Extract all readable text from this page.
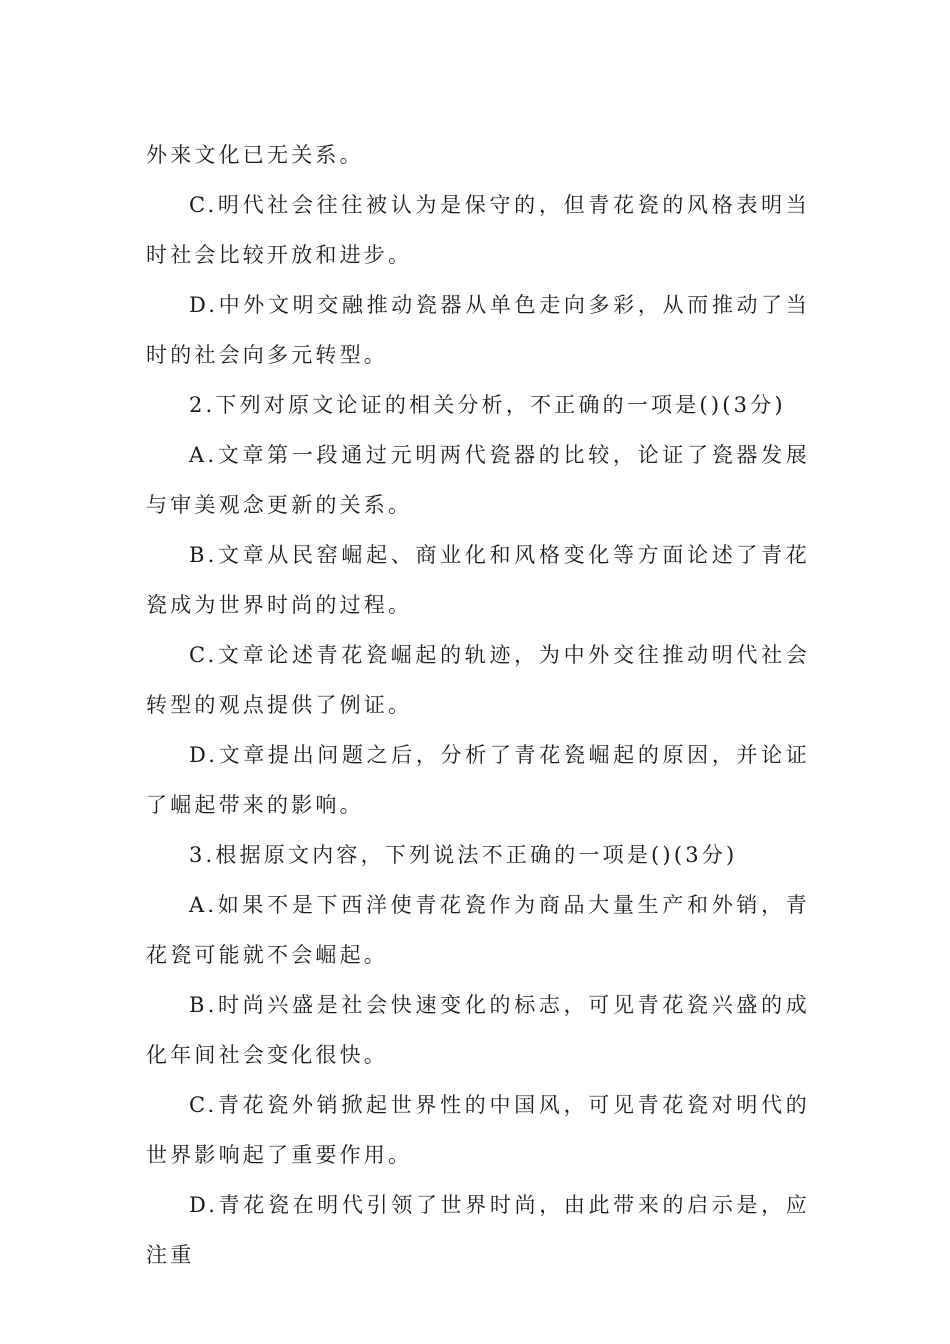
外来文化已无关系。

C.明代社会往往被认为是保守的，但青花瓷的风格表明当时社会比较开放和进步。

D.中外文明交融推动瓷器从单色走向多彩，从而推动了当时的社会向多元转型。

2.下列对原文论证的相关分析，不正确的一项是()(3分)

A.文章第一段通过元明两代瓷器的比较，论证了瓷器发展与审美观念更新的关系。

B.文章从民窑崛起、商业化和风格变化等方面论述了青花瓷成为世界时尚的过程。

C.文章论述青花瓷崛起的轨迹，为中外交往推动明代社会转型的观点提供了例证。

D.文章提出问题之后，分析了青花瓷崛起的原因，并论证了崛起带来的影响。

3.根据原文内容，下列说法不正确的一项是()(3分)

A.如果不是下西洋使青花瓷作为商品大量生产和外销，青花瓷可能就不会崛起。

B.时尚兴盛是社会快速变化的标志，可见青花瓷兴盛的成化年间社会变化很快。

C.青花瓷外销掀起世界性的中国风，可见青花瓷对明代的世界影响起了重要作用。

D.青花瓷在明代引领了世界时尚，由此带来的启示是，应注重
